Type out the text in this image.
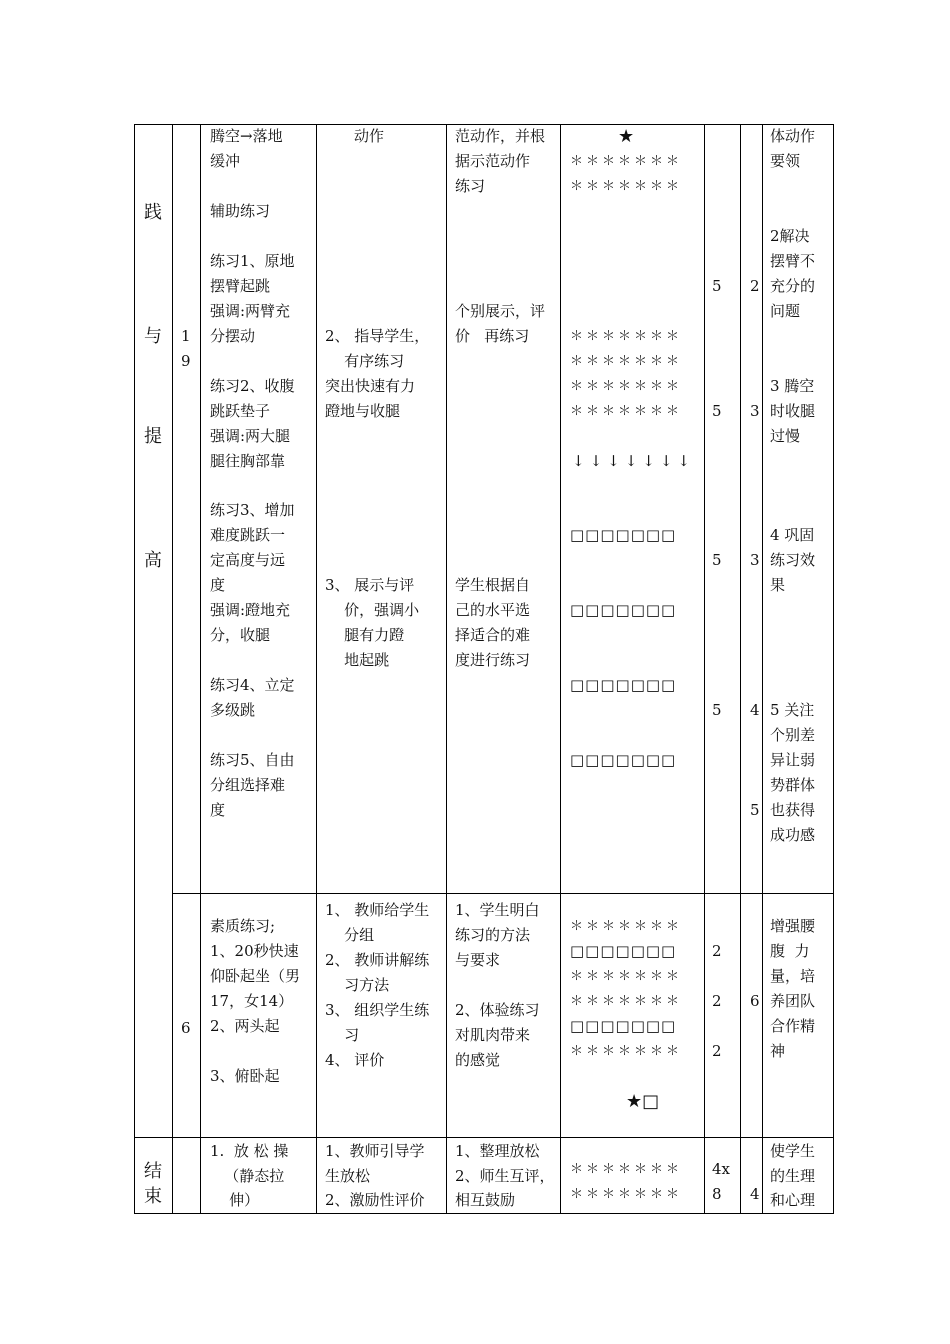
践
与
提
高
1
9
腾空→落地
缓冲
辅助练习
练习1、原地
摆臂起跳
强调:两臂充
分摆动
练习2、收腹
跳跃垫子
强调:两大腿
腿往胸部靠
练习3、增加
难度跳跃一
定高度与远
度
强调:蹬地充
分，收腿
练习4、立定
多级跳
练习5、自由
分组选择难
度
动作
2、 指导学生，
有序练习
突出快速有力
蹬地与收腿
3、 展示与评
价，强调小
腿有力蹬
地起跳
范动作，并根
据示范动作
练习
个别展示，评
价   再练习
学生根据自
己的水平选
择适合的难
度进行练习
★
＊＊＊＊＊＊＊
＊＊＊＊＊＊＊
＊＊＊＊＊＊＊
＊＊＊＊＊＊＊
＊＊＊＊＊＊＊
＊＊＊＊＊＊＊
↓↓↓↓↓↓↓
□□□□□□□
□□□□□□□
□□□□□□□
□□□□□□□
5
5
5
5
2
3
3
4
5
体动作
要领
2解决
摆臂不
充分的
问题
3 腾空
时收腿
过慢
4 巩固
练习效
果
5 关注
个别差
异让弱
势群体
也获得
成功感
6
素质练习;
1、20秒快速
仰卧起坐（男
17，女14）
2、两头起
3、俯卧起
1、 教师给学生
分组
2、 教师讲解练
习方法
3、 组织学生练
习
4、 评价
1、学生明白
练习的方法
与要求
2、体验练习
对肌肉带来
的感觉
＊＊＊＊＊＊＊
□□□□□□□
＊＊＊＊＊＊＊
＊＊＊＊＊＊＊
□□□□□□□
＊＊＊＊＊＊＊
★□
2
2
2
6
增强腰
腹  力
量，培
养团队
合作精
神
结
束
1.  放 松 操
（静态拉
伸）
1、教师引导学
生放松
2、激励性评价
1、整理放松
2、师生互评，
相互鼓励
＊＊＊＊＊＊＊
＊＊＊＊＊＊＊
4x
8 4
使学生
的生理
和心理
